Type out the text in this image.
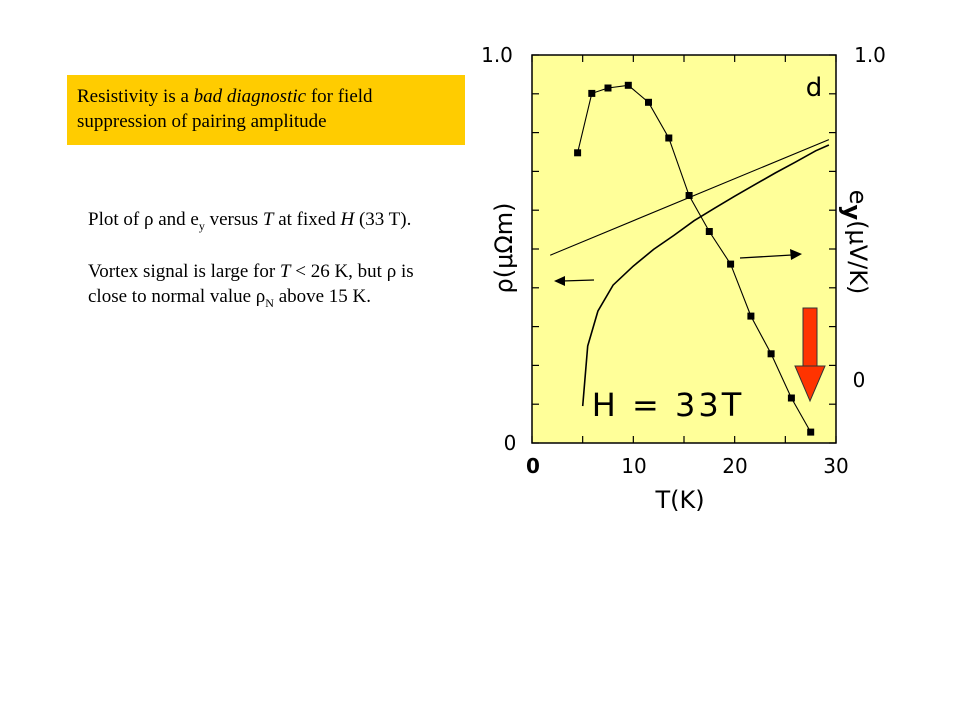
Resistivity is a bad diagnostic for field suppression of pairing amplitude

Plot of ρ and $e_y$ versus T at fixed H (33 T).

Vortex signal is large for T < 26 K, but ρ is close to normal value $\rho_N$ above 15 K.

1.0
0
1.0
0
0	10	20	30
T(K)
ρ(μΩm)
ey(μV/K)
d
H = 33T
